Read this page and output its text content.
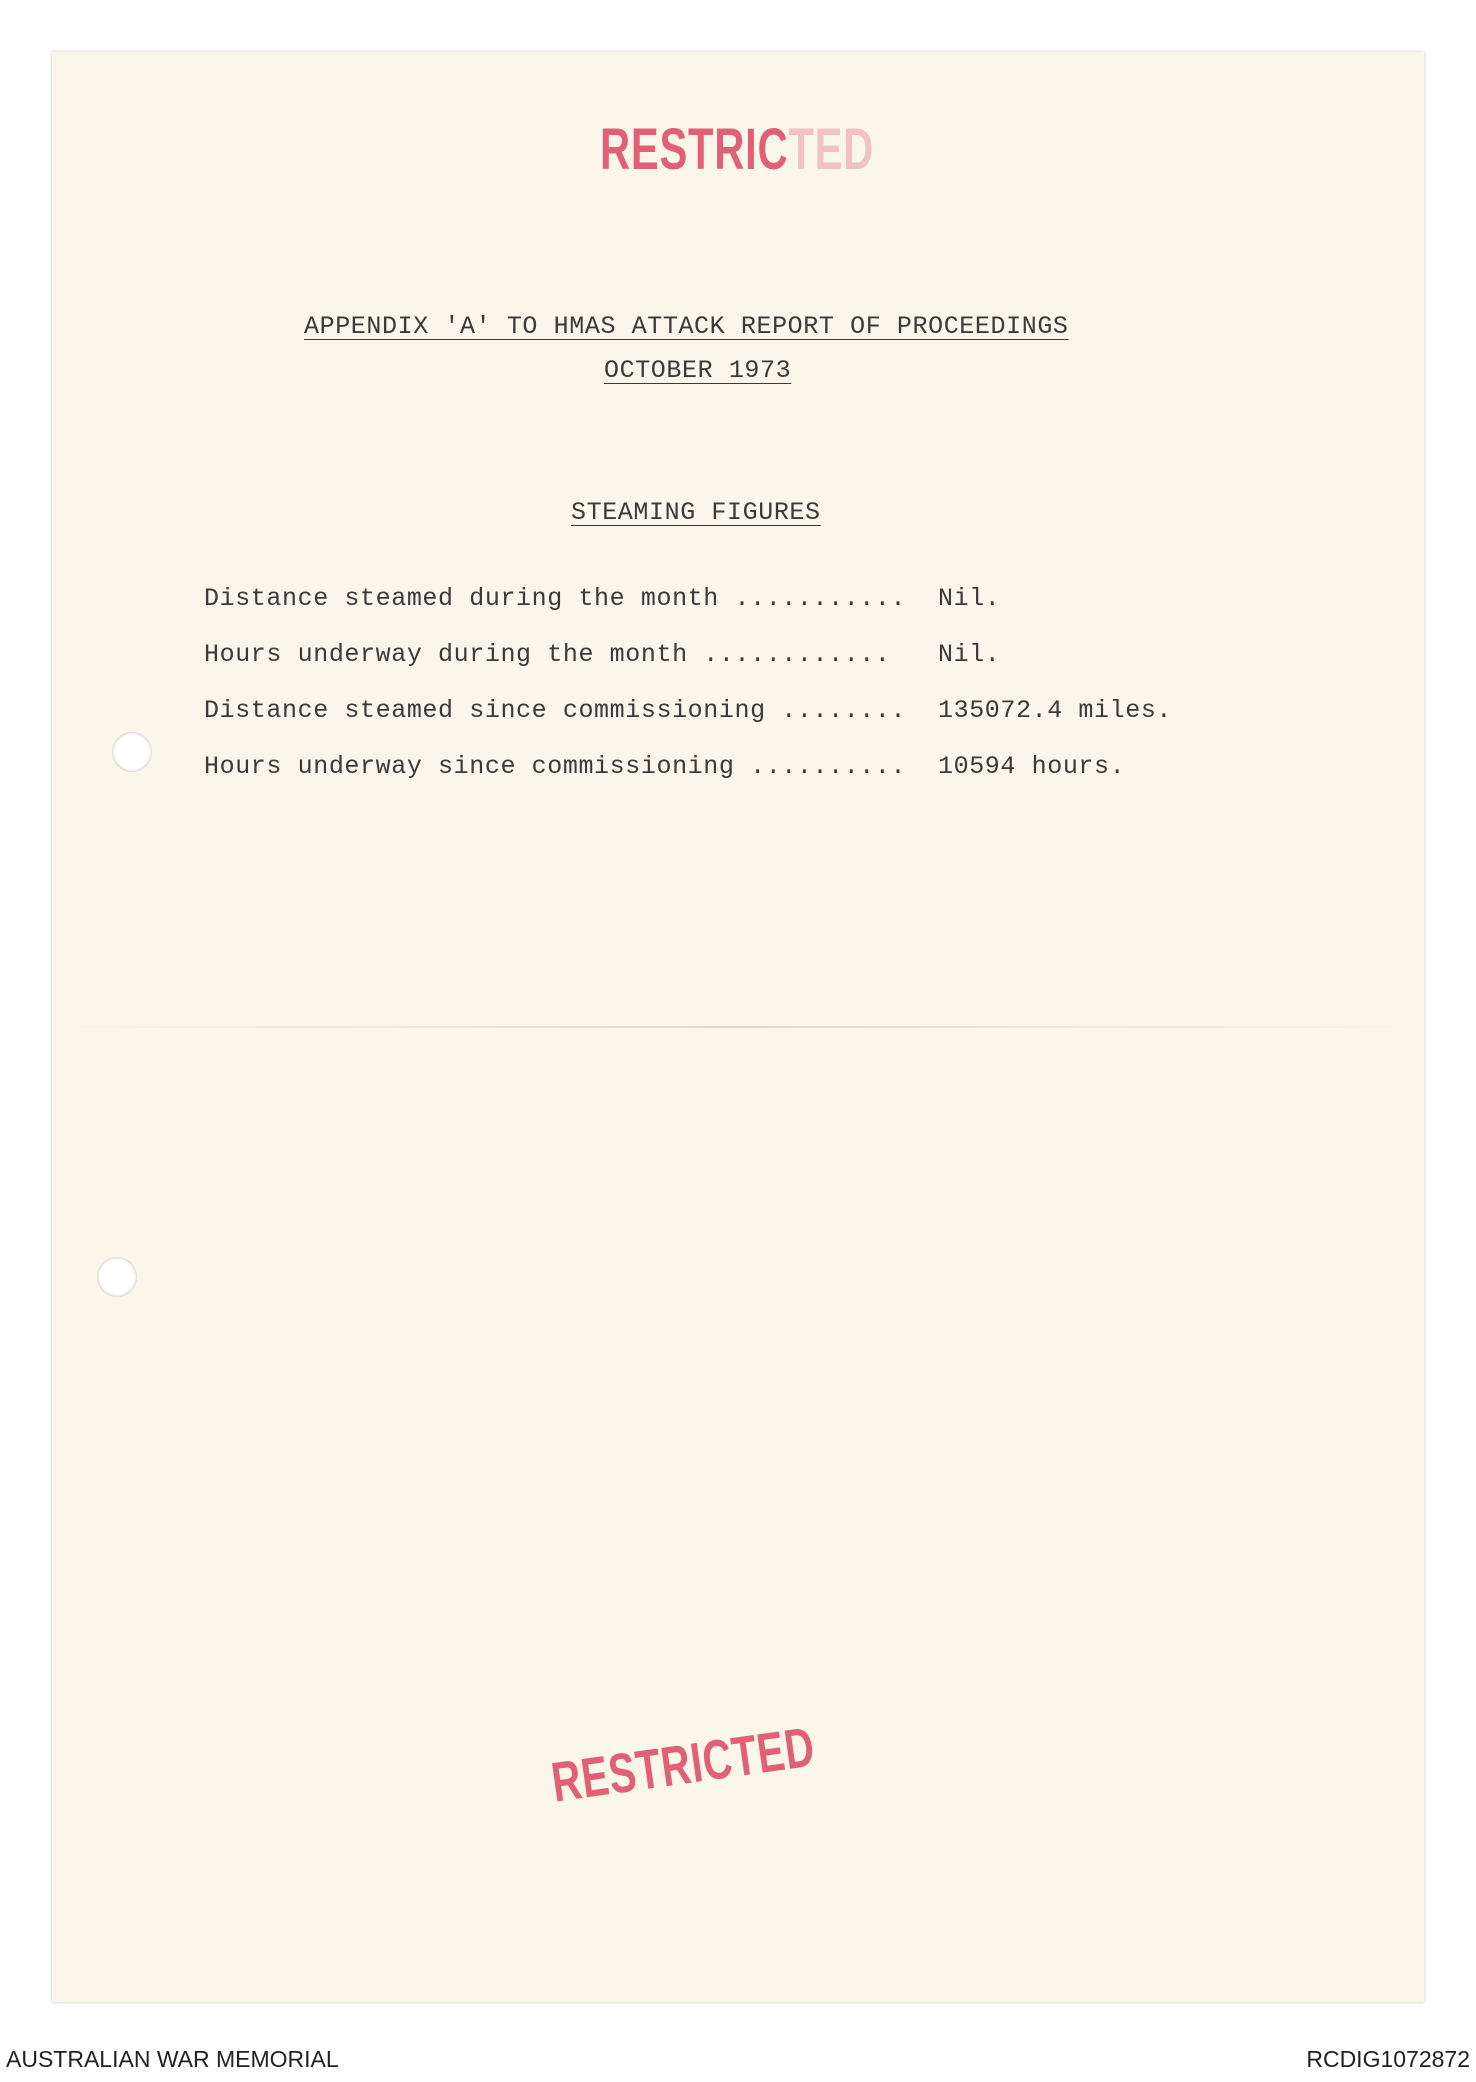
RESTRICTED
APPENDIX 'A' TO HMAS ATTACK REPORT OF PROCEEDINGS
OCTOBER 1973
STEAMING FIGURES

Distance steamed during the month ...........

Nil.

Hours underway during the month ............

Nil.

Distance steamed since commissioning ........

135072.4 miles.

Hours underway since commissioning ..........

10594 hours.

RESTRICTED
AUSTRALIAN WAR MEMORIAL	RCDIG1072872
